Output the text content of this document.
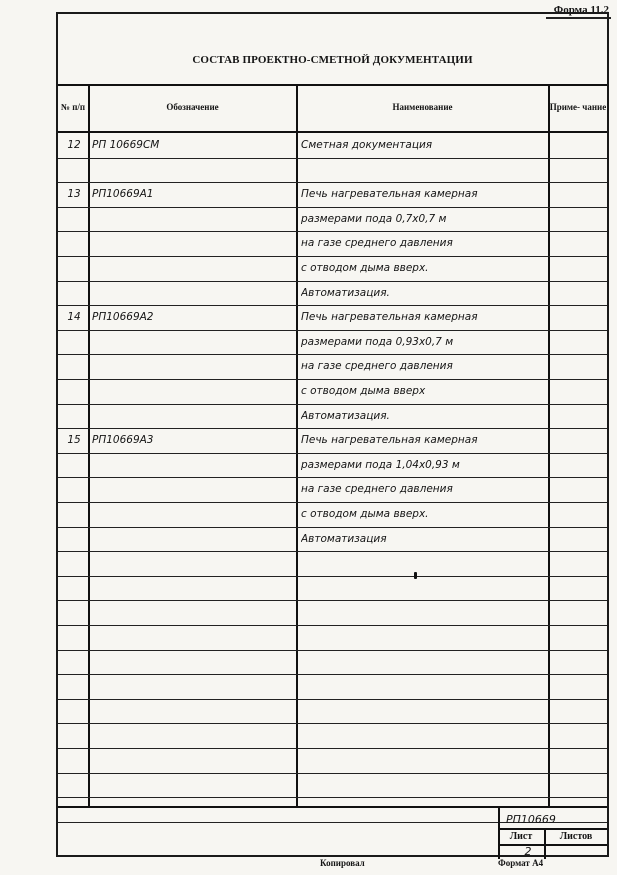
Форма 11.2
СОСТАВ ПРОЕКТНО-СМЕТНОЙ ДОКУМЕНТАЦИИ
№ п/п	Обозначение	Наименование	Приме- чание
12	РП 10669СМ	Сметная документация
13	РП10669А1	Печь нагревательная камерная
размерами пода 0,7х0,7 м
на газе среднего давления
с отводом дыма вверх.
Автоматизация.
14	РП10669А2	Печь нагревательная камерная
размерами пода 0,93х0,7 м
на газе среднего давления
с отводом дыма вверх
Автоматизация.
15	РП10669А3	Печь нагревательная камерная
размерами пода 1,04х0,93 м
на газе среднего давления
с отводом дыма вверх.
Автоматизация
РП10669
Лист	Листов
2
Копировал	Формат А4
